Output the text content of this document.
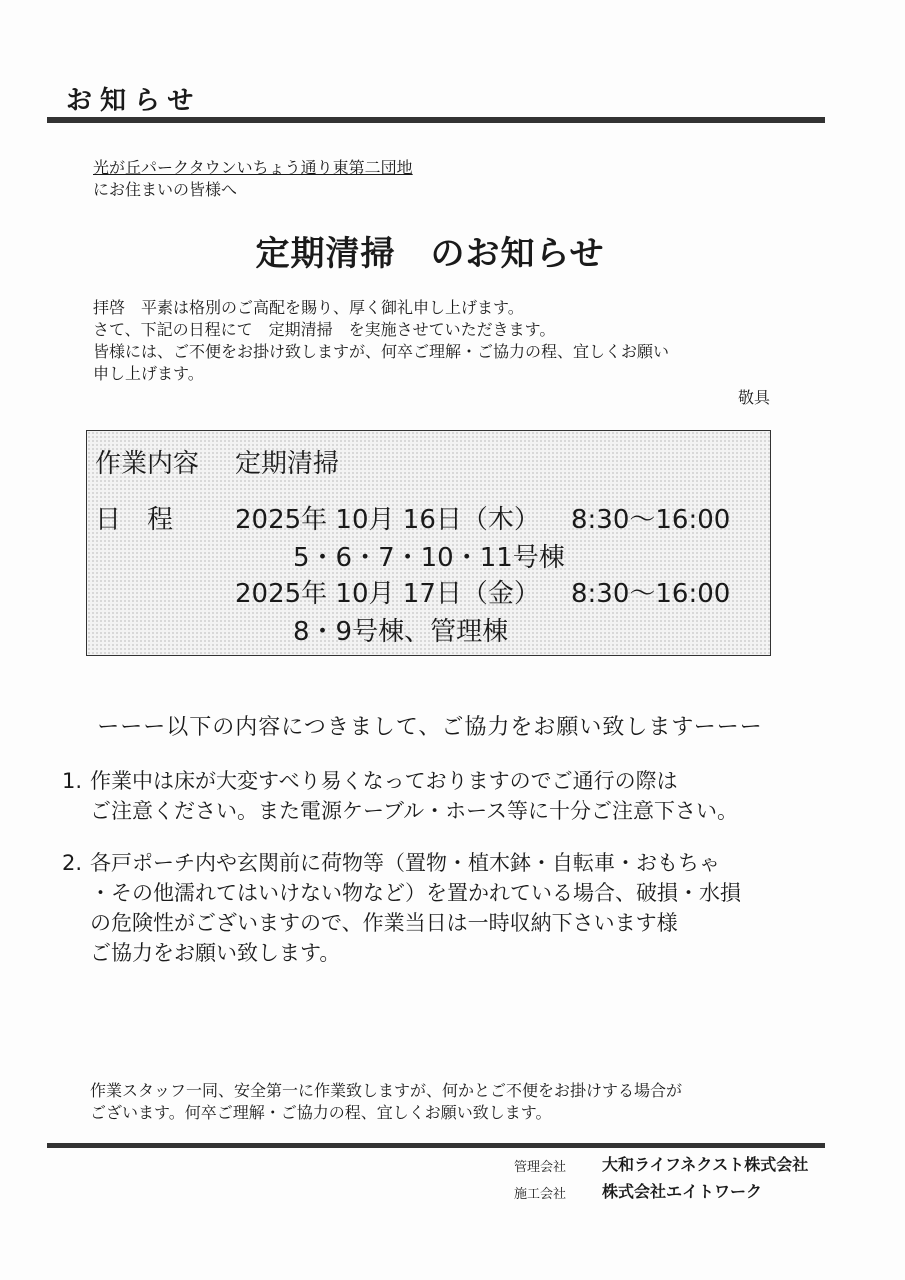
お知らせ
光が丘パークタウンいちょう通り東第二団地
にお住まいの皆様へ
定期清掃　のお知らせ
拝啓　平素は格別のご高配を賜り、厚く御礼申し上げます。
さて、下記の日程にて　定期清掃　を実施させていただきます。
皆様には、ご不便をお掛け致しますが、何卒ご理解・ご協力の程、宜しくお願い
申し上げます。
敬具
作業内容 定期清掃
日　程 2025年 10月 16日（木） 8:30〜16:00
5・6・7・10・11号棟
2025年 10月 17日（金） 8:30〜16:00
8・9号棟、管理棟
ーーー以下の内容につきまして、ご協力をお願い致しますーーー
1. 作業中は床が大変すべり易くなっておりますのでご通行の際は
ご注意ください。また電源ケーブル・ホース等に十分ご注意下さい。
2. 各戸ポーチ内や玄関前に荷物等（置物・植木鉢・自転車・おもちゃ
・その他濡れてはいけない物など）を置かれている場合、破損・水損
の危険性がございますので、作業当日は一時収納下さいます様
ご協力をお願い致します。
作業スタッフ一同、安全第一に作業致しますが、何かとご不便をお掛けする場合が
ございます。何卒ご理解・ご協力の程、宜しくお願い致します。
管理会社 大和ライフネクスト株式会社
施工会社 株式会社エイトワーク
